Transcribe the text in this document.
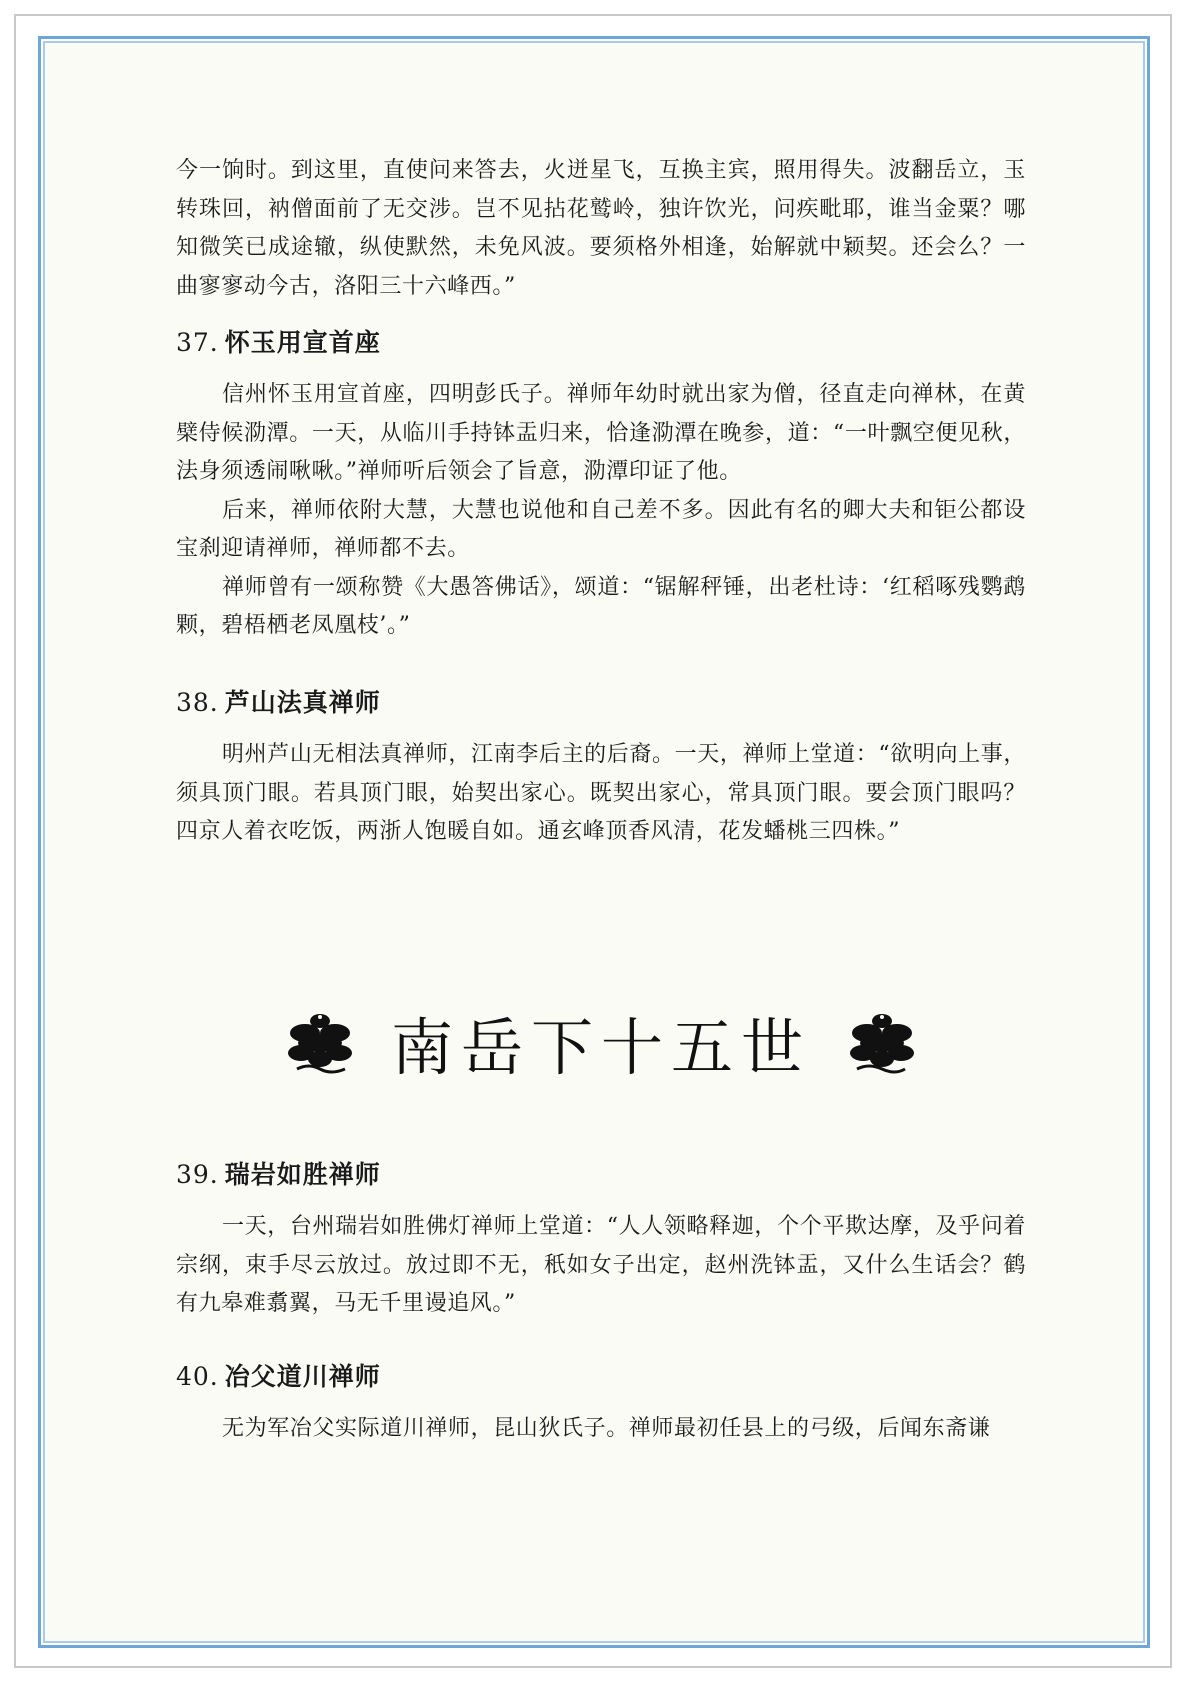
今一饷时。到这里，直使问来答去，火迸星飞，互换主宾，照用得失。波翻岳立，玉转珠回，衲僧面前了无交涉。岂不见拈花鹫岭，独许饮光，问疾毗耶，谁当金粟？哪知微笑已成途辙，纵使默然，未免风波。要须格外相逢，始解就中颖契。还会么？一曲寥寥动今古，洛阳三十六峰西。”

37. 怀玉用宣首座

信州怀玉用宣首座，四明彭氏子。禅师年幼时就出家为僧，径直走向禅林，在黄檗侍候泐潭。一天，从临川手持钵盂归来，恰逢泐潭在晚参，道：“一叶飘空便见秋，法身须透闹啾啾。”禅师听后领会了旨意，泐潭印证了他。

后来，禅师依附大慧，大慧也说他和自己差不多。因此有名的卿大夫和钜公都设宝刹迎请禅师，禅师都不去。

禅师曾有一颂称赞《大愚答佛话》，颂道：“锯解秤锤，出老杜诗：‘红稻啄残鹦鹉颗，碧梧栖老凤凰枝’。”

38. 芦山法真禅师

明州芦山无相法真禅师，江南李后主的后裔。一天，禅师上堂道：“欲明向上事，须具顶门眼。若具顶门眼，始契出家心。既契出家心，常具顶门眼。要会顶门眼吗？四京人着衣吃饭，两浙人饱暖自如。通玄峰顶香风清，花发蟠桃三四株。”

南岳下十五世
39. 瑞岩如胜禅师

一天，台州瑞岩如胜佛灯禅师上堂道：“人人领略释迦，个个平欺达摩，及乎问着宗纲，束手尽云放过。放过即不无，秖如女子出定，赵州洗钵盂，又什么生话会？鹤有九皋难翥翼，马无千里谩追风。”

40. 冶父道川禅师

无为军冶父实际道川禅师，昆山狄氏子。禅师最初任县上的弓级，后闻东斋谦
